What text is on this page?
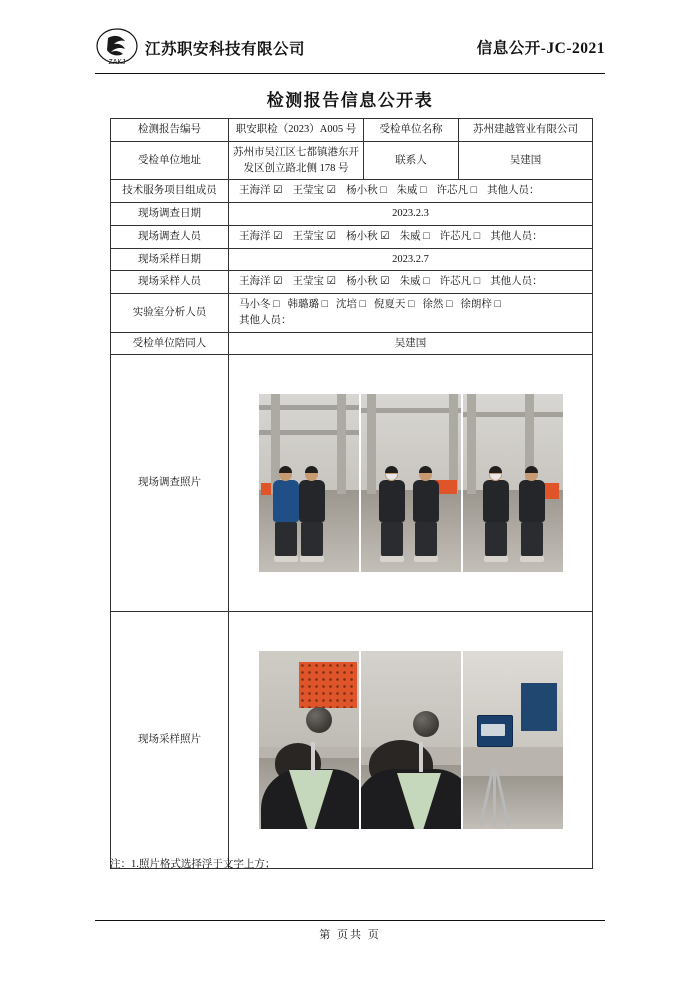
ZAKJ
江苏职安科技有限公司	信息公开-JC-2021
检测报告信息公开表
检测报告编号	职安职检（2023）A005 号	受检单位名称	苏州建越管业有限公司
受检单位地址	苏州市吴江区七都镇港东开发区创立路北侧 178 号	联系人	吴建国
技术服务项目组成员	王海洋 ☑ 王莹宝 ☑ 杨小秋 □ 朱威 □ 许芯凡 □ 其他人员：		

现场调查日期	2023.2.3		
现场调查人员	王海洋 ☑ 王莹宝 ☑ 杨小秋 ☑ 朱威 □ 许芯凡 □ 其他人员：		

现场采样日期	2023.2.7		
现场采样人员	王海洋 ☑ 王莹宝 ☑ 杨小秋 ☑ 朱威 □ 许芯凡 □ 其他人员：		

实验室分析人员	马小冬 □ 韩璐璐 □ 沈培 □ 倪夏天 □ 徐然 □ 徐朗梓 □
其他人员：		

受检单位陪同人	吴建国		
现场调查照片			

现场采样照片			
注：1.照片格式选择浮于文字上方；
第 页共 页
